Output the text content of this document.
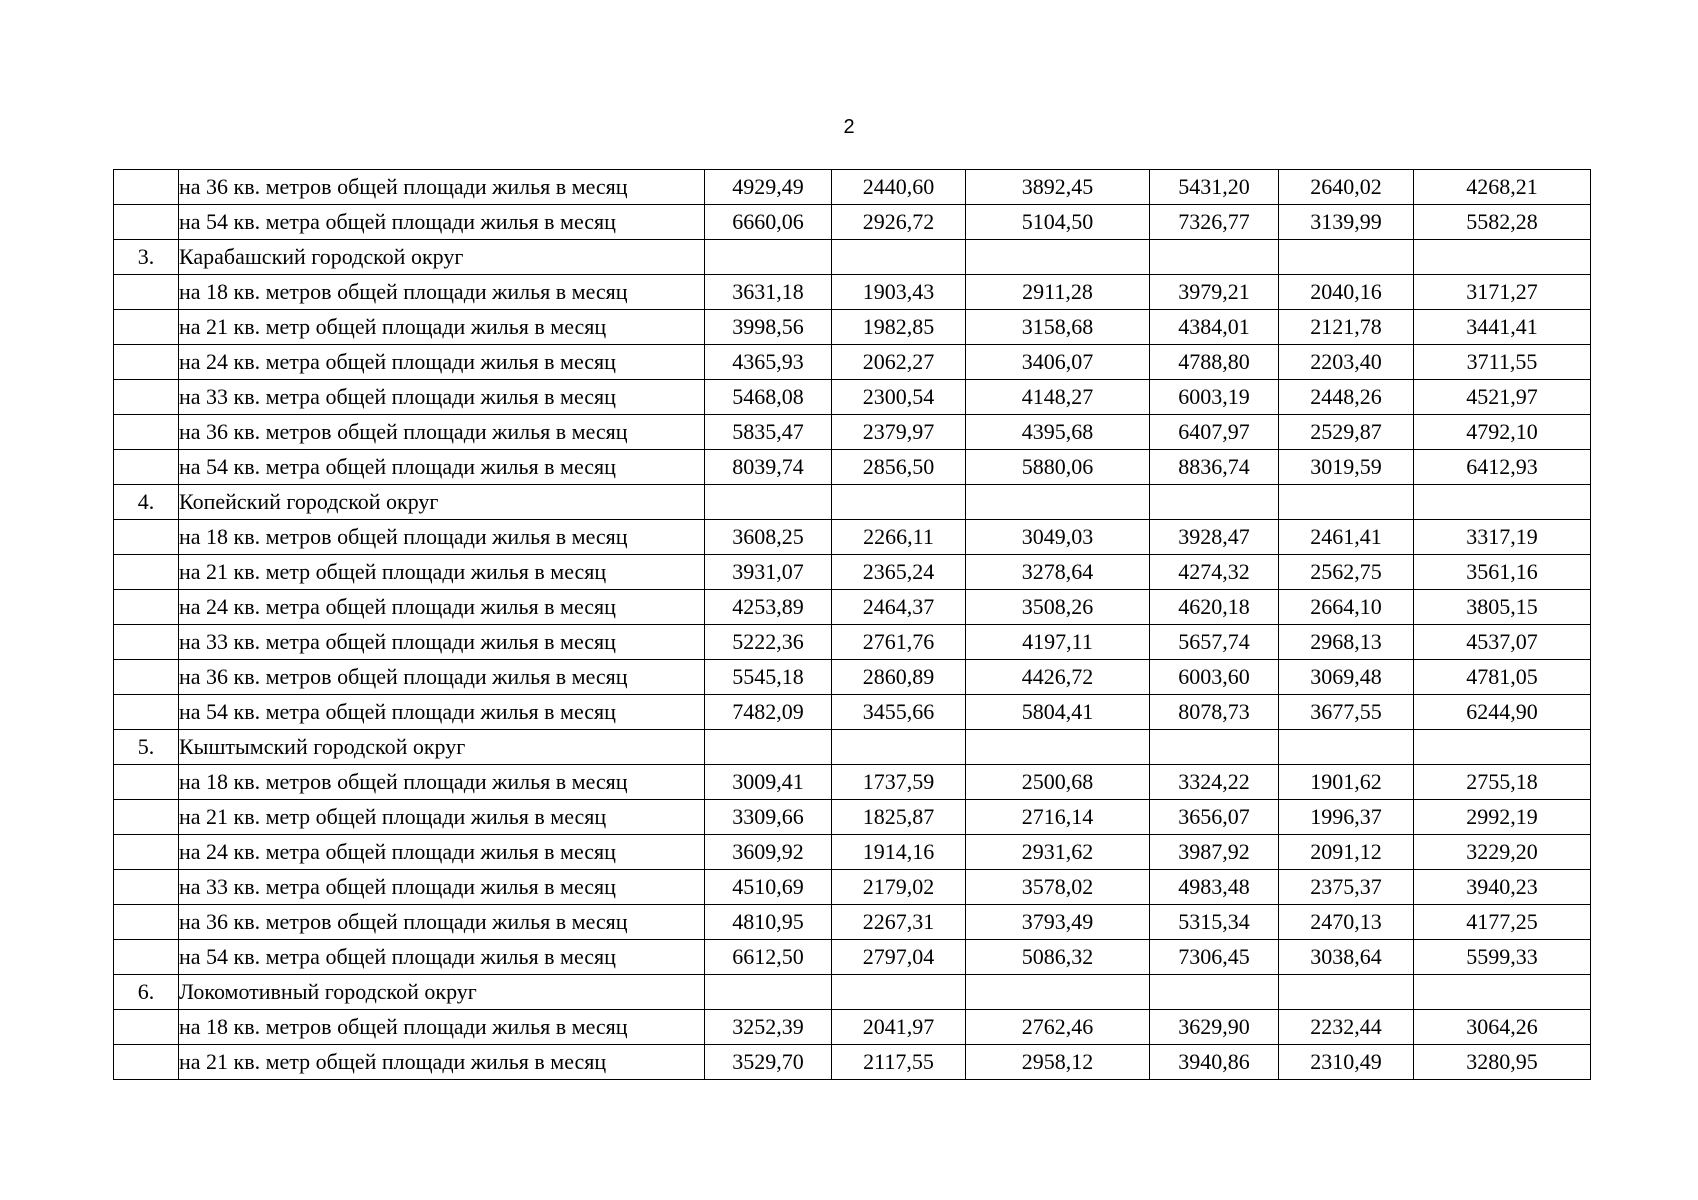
2
	на 36 кв. метров общей площади жилья в месяц	4929,49	2440,60	3892,45	5431,20	2640,02	4268,21
	на 54 кв. метра общей площади жилья в месяц	6660,06	2926,72	5104,50	7326,77	3139,99	5582,28
3.	Карабашский городской округ						
	на 18 кв. метров общей площади жилья в месяц	3631,18	1903,43	2911,28	3979,21	2040,16	3171,27
	на 21 кв. метр общей площади жилья в месяц	3998,56	1982,85	3158,68	4384,01	2121,78	3441,41
	на 24 кв. метра общей площади жилья в месяц	4365,93	2062,27	3406,07	4788,80	2203,40	3711,55
	на 33 кв. метра общей площади жилья в месяц	5468,08	2300,54	4148,27	6003,19	2448,26	4521,97
	на 36 кв. метров общей площади жилья в месяц	5835,47	2379,97	4395,68	6407,97	2529,87	4792,10
	на 54 кв. метра общей площади жилья в месяц	8039,74	2856,50	5880,06	8836,74	3019,59	6412,93
4.	Копейский городской округ						
	на 18 кв. метров общей площади жилья в месяц	3608,25	2266,11	3049,03	3928,47	2461,41	3317,19
	на 21 кв. метр общей площади жилья в месяц	3931,07	2365,24	3278,64	4274,32	2562,75	3561,16
	на 24 кв. метра общей площади жилья в месяц	4253,89	2464,37	3508,26	4620,18	2664,10	3805,15
	на 33 кв. метра общей площади жилья в месяц	5222,36	2761,76	4197,11	5657,74	2968,13	4537,07
	на 36 кв. метров общей площади жилья в месяц	5545,18	2860,89	4426,72	6003,60	3069,48	4781,05
	на 54 кв. метра общей площади жилья в месяц	7482,09	3455,66	5804,41	8078,73	3677,55	6244,90
5.	Кыштымский городской округ						
	на 18 кв. метров общей площади жилья в месяц	3009,41	1737,59	2500,68	3324,22	1901,62	2755,18
	на 21 кв. метр общей площади жилья в месяц	3309,66	1825,87	2716,14	3656,07	1996,37	2992,19
	на 24 кв. метра общей площади жилья в месяц	3609,92	1914,16	2931,62	3987,92	2091,12	3229,20
	на 33 кв. метра общей площади жилья в месяц	4510,69	2179,02	3578,02	4983,48	2375,37	3940,23
	на 36 кв. метров общей площади жилья в месяц	4810,95	2267,31	3793,49	5315,34	2470,13	4177,25
	на 54 кв. метра общей площади жилья в месяц	6612,50	2797,04	5086,32	7306,45	3038,64	5599,33
6.	Локомотивный городской округ						
	на 18 кв. метров общей площади жилья в месяц	3252,39	2041,97	2762,46	3629,90	2232,44	3064,26
	на 21 кв. метр общей площади жилья в месяц	3529,70	2117,55	2958,12	3940,86	2310,49	3280,95
